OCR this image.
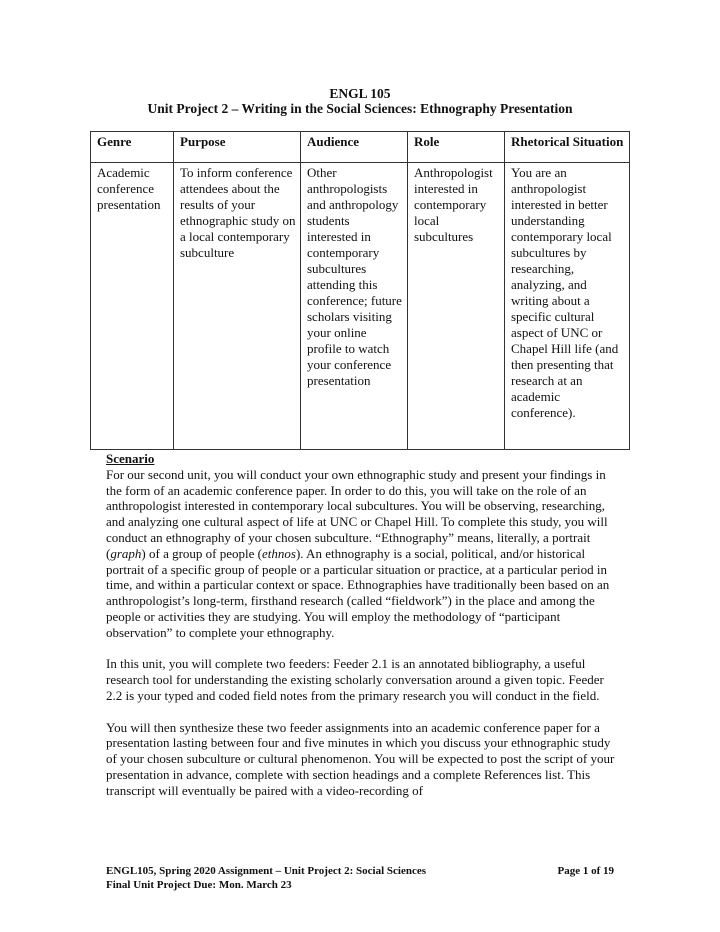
ENGL 105
Unit Project 2 – Writing in the Social Sciences: Ethnography Presentation
Genre	Purpose	Audience	Role	Rhetorical Situation
Academic conference presentation	To inform conference attendees about the results of your ethnographic study on a local contemporary subculture	Other anthropologists and anthropology students interested in contemporary subcultures attending this conference; future scholars visiting your online profile to watch your conference presentation	Anthropologist interested in contemporary local subcultures	You are an anthropologist interested in better understanding contemporary local subcultures by researching, analyzing, and writing about a specific cultural aspect of UNC or Chapel Hill life (and then presenting that research at an academic conference).
Scenario

For our second unit, you will conduct your own ethnographic study and present your findings in the form of an academic conference paper. In order to do this, you will take on the role of an anthropologist interested in contemporary local subcultures. You will be observing, researching, and analyzing one cultural aspect of life at UNC or Chapel Hill. To complete this study, you will conduct an ethnography of your chosen subculture. “Ethnography” means, literally, a portrait (graph) of a group of people (ethnos). An ethnography is a social, political, and/or historical portrait of a specific group of people or a particular situation or practice, at a particular period in time, and within a particular context or space. Ethnographies have traditionally been based on an anthropologist’s long-term, firsthand research (called “fieldwork”) in the place and among the people or activities they are studying. You will employ the methodology of “participant observation” to complete your ethnography.

In this unit, you will complete two feeders: Feeder 2.1 is an annotated bibliography, a useful research tool for understanding the existing scholarly conversation around a given topic. Feeder 2.2 is your typed and coded field notes from the primary research you will conduct in the field.

You will then synthesize these two feeder assignments into an academic conference paper for a presentation lasting between four and five minutes in which you discuss your ethnographic study of your chosen subculture or cultural phenomenon. You will be expected to post the script of your presentation in advance, complete with section headings and a complete References list. This transcript will eventually be paired with a video-recording of

ENGL105, Spring 2020 Assignment – Unit Project 2: Social Sciences	Page 1 of 19
Final Unit Project Due: Mon. March 23
